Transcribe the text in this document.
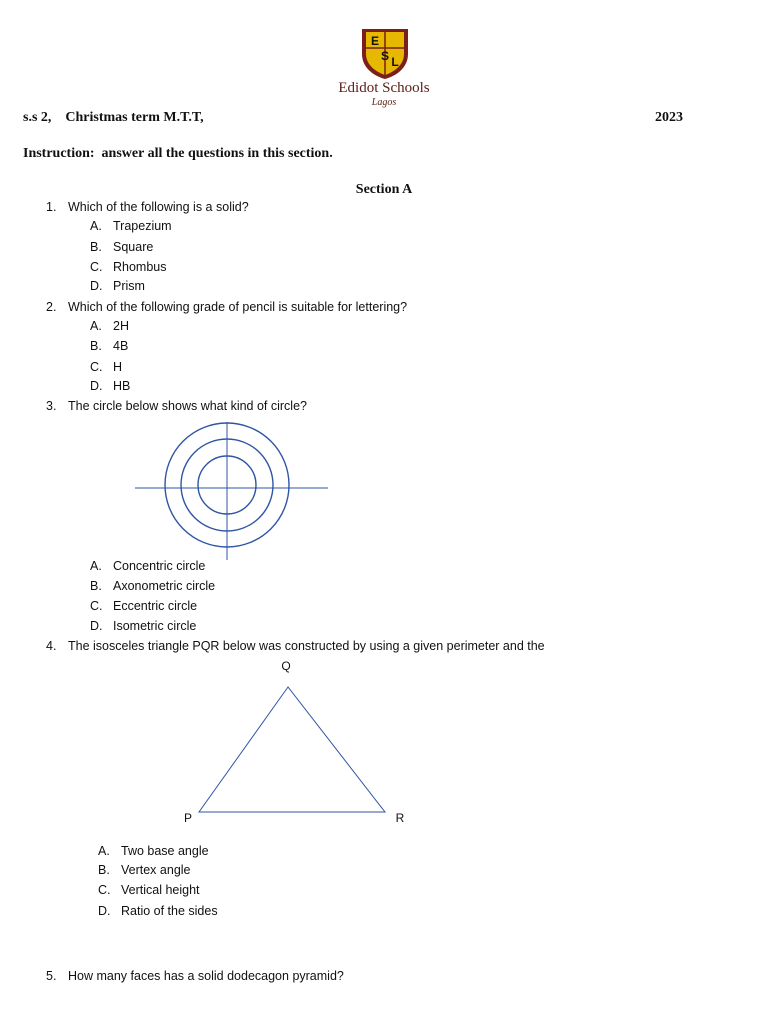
E
S L
Edidot Schools
Lagos
s.s 2,    Christmas term M.T.T,	2023
Instruction:  answer all the questions in this section.
Section A
1. Which of the following is a solid?
A. Trapezium
B. Square
C. Rhombus
D. Prism
2. Which of the following grade of pencil is suitable for lettering?
A. 2H
B. 4B
C. H
D. HB
3. The circle below shows what kind of circle?
A. Concentric circle
B. Axonometric circle
C. Eccentric circle
D. Isometric circle
4. The isosceles triangle PQR below was constructed by using a given perimeter and the
Q
P	R
A. Two base angle
B. Vertex angle
C. Vertical height
D. Ratio of the sides
5. How many faces has a solid dodecagon pyramid?
